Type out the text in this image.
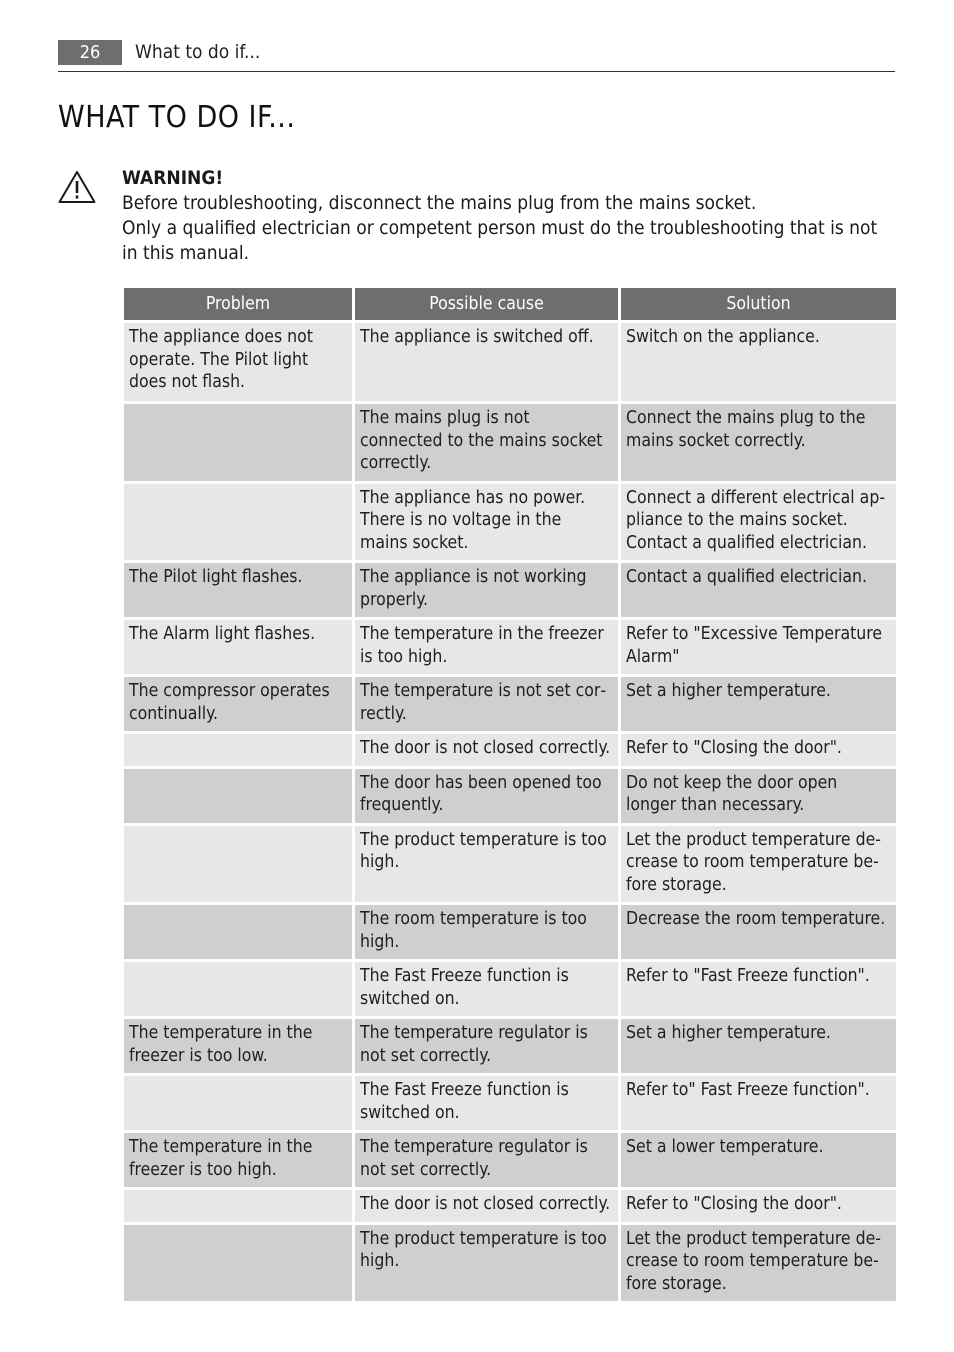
26	What to do if...
WHAT TO DO IF...
WARNING!

Before troubleshooting, disconnect the mains plug from the mains socket.

Only a qualified electrician or competent person must do the troubleshooting that is not in this manual.

Problem	Possible cause	Solution
The appliance does not operate. The Pilot light does not flash.	The appliance is switched off.	Switch on the appliance.
	The mains plug is not connected to the mains socket correctly.	Connect the mains plug to the mains socket correctly.
	The appliance has no power. There is no voltage in the mains socket.	Connect a different electrical appliance to the mains socket. Contact a qualified electrician.
The Pilot light flashes.	The appliance is not working properly.	Contact a qualified electrician.
The Alarm light flashes.	The temperature in the freezer is too high.	Refer to "Excessive Temperature Alarm"
The compressor operates continually.	The temperature is not set correctly.	Set a higher temperature.
	The door is not closed correctly.	Refer to "Closing the door".
	The door has been opened too frequently.	Do not keep the door open longer than necessary.
	The product temperature is too high.	Let the product temperature decrease to room temperature before storage.
	The room temperature is too high.	Decrease the room temperature.
	The Fast Freeze function is switched on.	Refer to "Fast Freeze function".
The temperature in the freezer is too low.	The temperature regulator is not set correctly.	Set a higher temperature.
	The Fast Freeze function is switched on.	Refer to" Fast Freeze function".
The temperature in the freezer is too high.	The temperature regulator is not set correctly.	Set a lower temperature.
	The door is not closed correctly.	Refer to "Closing the door".
	The product temperature is too high.	Let the product temperature decrease to room temperature before storage.
